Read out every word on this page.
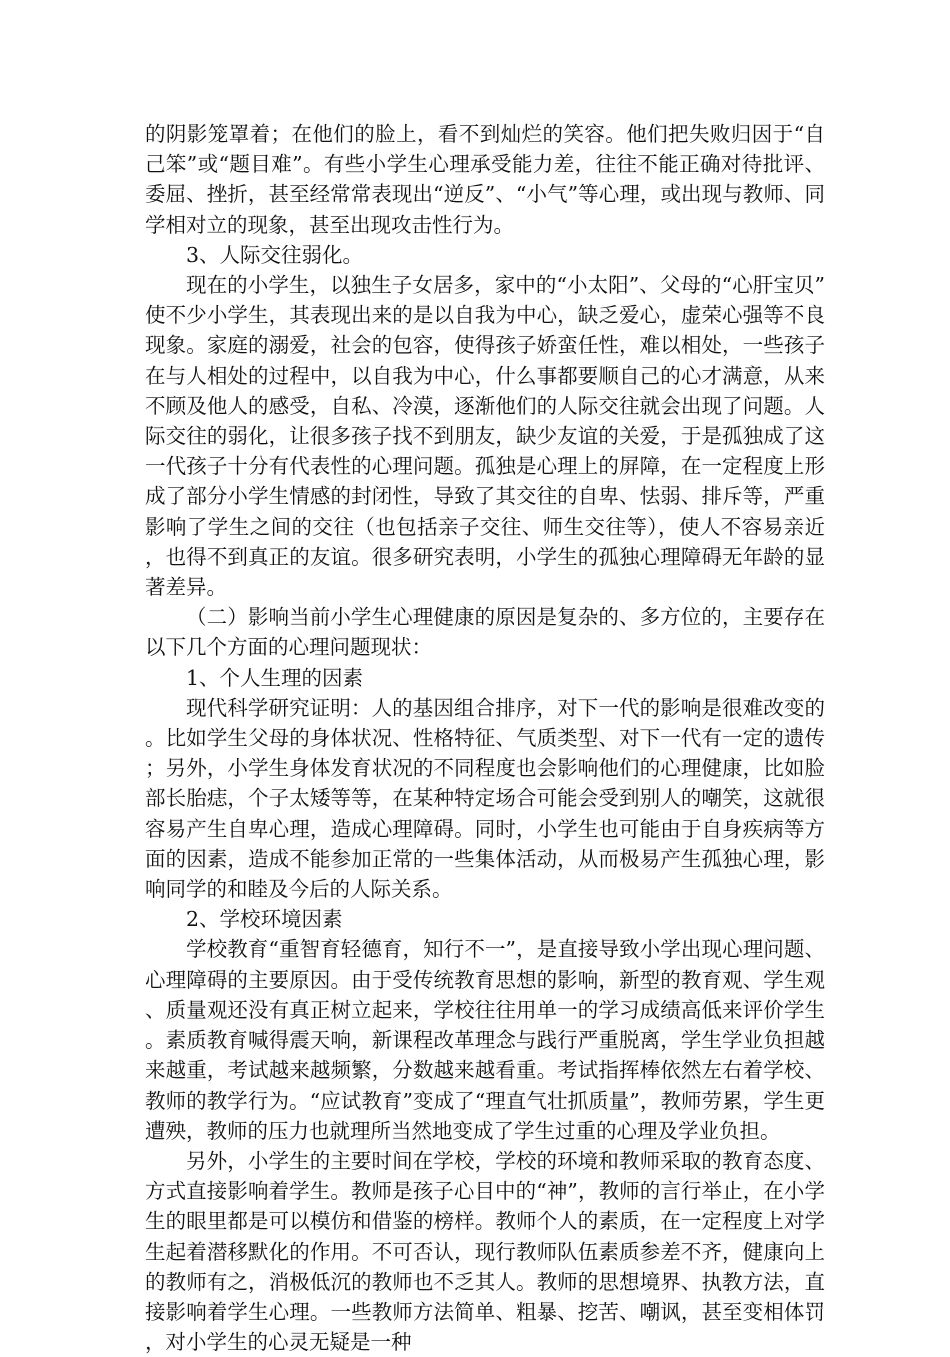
的阴影笼罩着；在他们的脸上，看不到灿烂的笑容。他们把失败归因于“自己笨”或“题目难”。有些小学生心理承受能力差，往往不能正确对待批评、委屈、挫折，甚至经常常表现出“逆反”、“小气”等心理，或出现与教师、同学相对立的现象，甚至出现攻击性行为。

3、人际交往弱化。

现在的小学生，以独生子女居多，家中的“小太阳”、父母的“心肝宝贝”使不少小学生，其表现出来的是以自我为中心，缺乏爱心，虚荣心强等不良现象。家庭的溺爱，社会的包容，使得孩子娇蛮任性，难以相处，一些孩子在与人相处的过程中，以自我为中心，什么事都要顺自己的心才满意，从来不顾及他人的感受，自私、冷漠，逐渐他们的人际交往就会出现了问题。人际交往的弱化，让很多孩子找不到朋友，缺少友谊的关爱，于是孤独成了这一代孩子十分有代表性的心理问题。孤独是心理上的屏障，在一定程度上形成了部分小学生情感的封闭性，导致了其交往的自卑、怯弱、排斥等，严重影响了学生之间的交往（也包括亲子交往、师生交往等），使人不容易亲近，也得不到真正的友谊。很多研究表明，小学生的孤独心理障碍无年龄的显著差异。

（二）影响当前小学生心理健康的原因是复杂的、多方位的，主要存在以下几个方面的心理问题现状：

1、个人生理的因素

现代科学研究证明：人的基因组合排序，对下一代的影响是很难改变的。比如学生父母的身体状况、性格特征、气质类型、对下一代有一定的遗传；另外，小学生身体发育状况的不同程度也会影响他们的心理健康，比如脸部长胎痣，个子太矮等等，在某种特定场合可能会受到别人的嘲笑，这就很容易产生自卑心理，造成心理障碍。同时，小学生也可能由于自身疾病等方面的因素，造成不能参加正常的一些集体活动，从而极易产生孤独心理，影响同学的和睦及今后的人际关系。

2、学校环境因素

学校教育“重智育轻德育，知行不一”，是直接导致小学出现心理问题、心理障碍的主要原因。由于受传统教育思想的影响，新型的教育观、学生观、质量观还没有真正树立起来，学校往往用单一的学习成绩高低来评价学生。素质教育喊得震天响，新课程改革理念与践行严重脱离，学生学业负担越来越重，考试越来越频繁，分数越来越看重。考试指挥棒依然左右着学校、教师的教学行为。“应试教育”变成了“理直气壮抓质量”，教师劳累，学生更遭殃，教师的压力也就理所当然地变成了学生过重的心理及学业负担。

另外，小学生的主要时间在学校，学校的环境和教师采取的教育态度、方式直接影响着学生。教师是孩子心目中的“神”，教师的言行举止，在小学生的眼里都是可以模仿和借鉴的榜样。教师个人的素质，在一定程度上对学生起着潜移默化的作用。不可否认，现行教师队伍素质参差不齐，健康向上的教师有之，消极低沉的教师也不乏其人。教师的思想境界、执教方法，直接影响着学生心理。一些教师方法简单、粗暴、挖苦、嘲讽，甚至变相体罚，对小学生的心灵无疑是一种
